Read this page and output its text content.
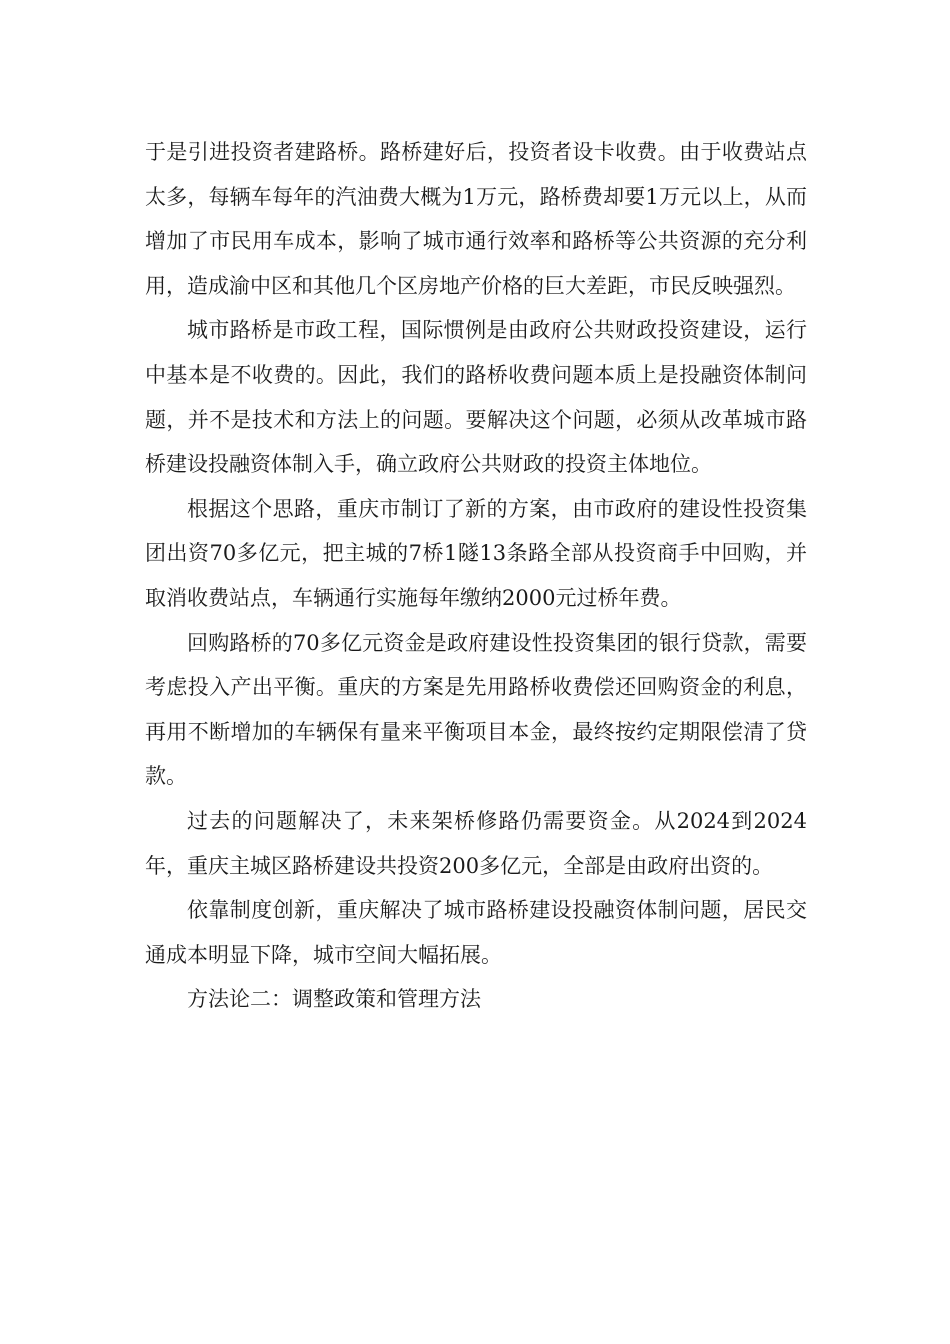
于是引进投资者建路桥。路桥建好后，投资者设卡收费。由于收费站点太多，每辆车每年的汽油费大概为1万元，路桥费却要1万元以上，从而增加了市民用车成本，影响了城市通行效率和路桥等公共资源的充分利用，造成渝中区和其他几个区房地产价格的巨大差距，市民反映强烈。

城市路桥是市政工程，国际惯例是由政府公共财政投资建设，运行中基本是不收费的。因此，我们的路桥收费问题本质上是投融资体制问题，并不是技术和方法上的问题。要解决这个问题，必须从改革城市路桥建设投融资体制入手，确立政府公共财政的投资主体地位。

根据这个思路，重庆市制订了新的方案，由市政府的建设性投资集团出资70多亿元，把主城的7桥1隧13条路全部从投资商手中回购，并取消收费站点，车辆通行实施每年缴纳2000元过桥年费。

回购路桥的70多亿元资金是政府建设性投资集团的银行贷款，需要考虑投入产出平衡。重庆的方案是先用路桥收费偿还回购资金的利息，再用不断增加的车辆保有量来平衡项目本金，最终按约定期限偿清了贷款。

过去的问题解决了，未来架桥修路仍需要资金。从2024到2024年，重庆主城区路桥建设共投资200多亿元，全部是由政府出资的。

依靠制度创新，重庆解决了城市路桥建设投融资体制问题，居民交通成本明显下降，城市空间大幅拓展。

方法论二：调整政策和管理方法
